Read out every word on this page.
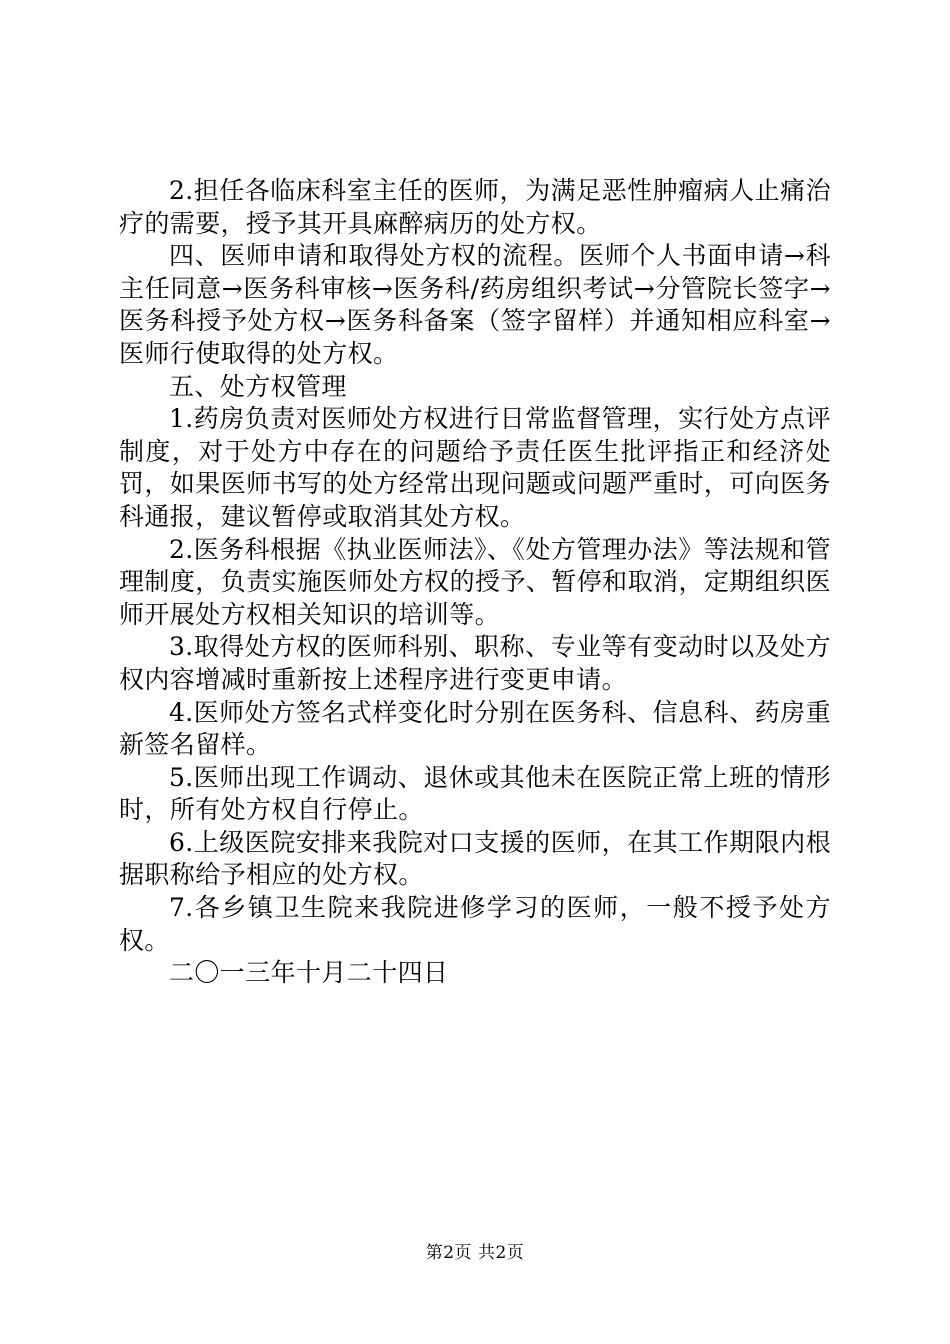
2.担任各临床科室主任的医师，为满足恶性肿瘤病人止痛治疗的需要，授予其开具麻醉病历的处方权。

四、医师申请和取得处方权的流程。医师个人书面申请→科主任同意→医务科审核→医务科/药房组织考试→分管院长签字→医务科授予处方权→医务科备案（签字留样）并通知相应科室→医师行使取得的处方权。

五、处方权管理

1.药房负责对医师处方权进行日常监督管理，实行处方点评制度，对于处方中存在的问题给予责任医生批评指正和经济处罚，如果医师书写的处方经常出现问题或问题严重时，可向医务科通报，建议暂停或取消其处方权。

2.医务科根据《执业医师法》、《处方管理办法》等法规和管理制度，负责实施医师处方权的授予、暂停和取消，定期组织医师开展处方权相关知识的培训等。

3.取得处方权的医师科别、职称、专业等有变动时以及处方权内容增减时重新按上述程序进行变更申请。

4.医师处方签名式样变化时分别在医务科、信息科、药房重新签名留样。

5.医师出现工作调动、退休或其他未在医院正常上班的情形时，所有处方权自行停止。

6.上级医院安排来我院对口支援的医师，在其工作期限内根据职称给予相应的处方权。

7.各乡镇卫生院来我院进修学习的医师，一般不授予处方权。

二〇一三年十月二十四日

第2页 共2页
